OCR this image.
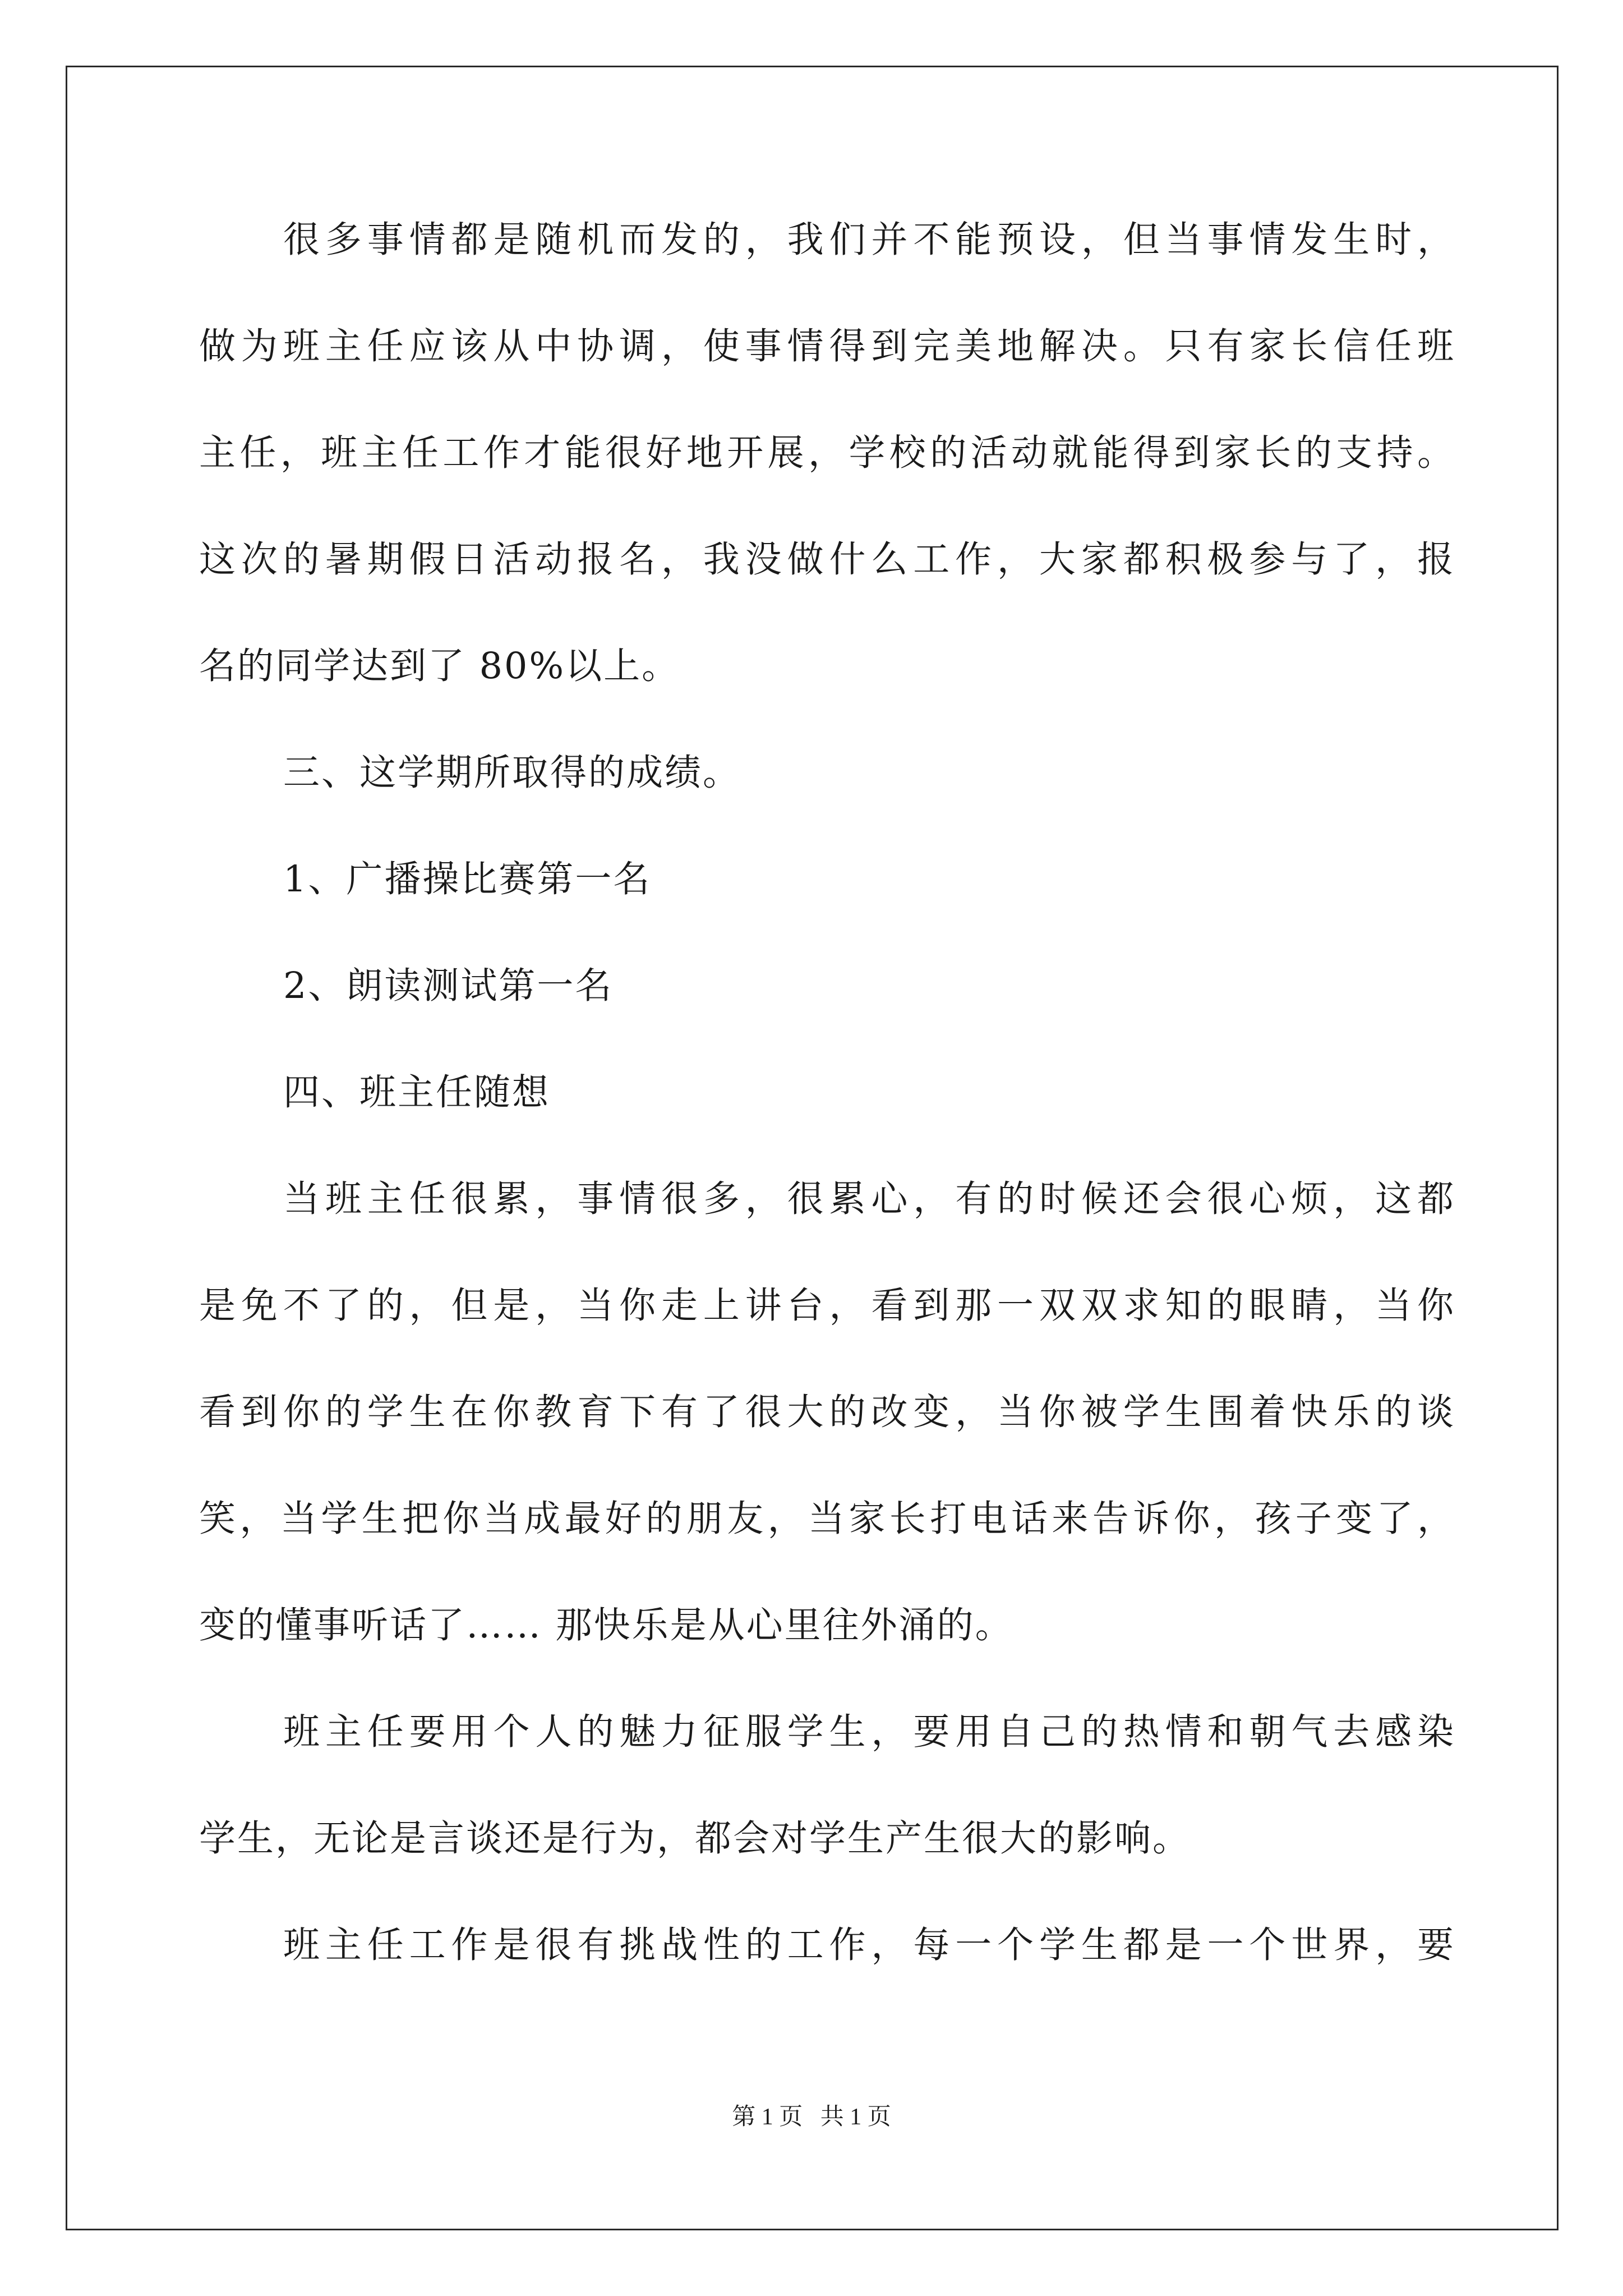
很多事情都是随机而发的，我们并不能预设，但当事情发生时，
做为班主任应该从中协调，使事情得到完美地解决。只有家长信任班
主任，班主任工作才能很好地开展，学校的活动就能得到家长的支持。
这次的暑期假日活动报名，我没做什么工作，大家都积极参与了，报
名的同学达到了 80%以上。
三、这学期所取得的成绩。
1、广播操比赛第一名
2、朗读测试第一名
四、班主任随想
当班主任很累，事情很多，很累心，有的时候还会很心烦，这都
是免不了的，但是，当你走上讲台，看到那一双双求知的眼睛，当你
看到你的学生在你教育下有了很大的改变，当你被学生围着快乐的谈
笑，当学生把你当成最好的朋友，当家长打电话来告诉你，孩子变了，
变的懂事听话了…… 那快乐是从心里往外涌的。
班主任要用个人的魅力征服学生，要用自己的热情和朝气去感染
学生，无论是言谈还是行为，都会对学生产生很大的影响。
班主任工作是很有挑战性的工作，每一个学生都是一个世界，要
第 1 页   共 1 页
